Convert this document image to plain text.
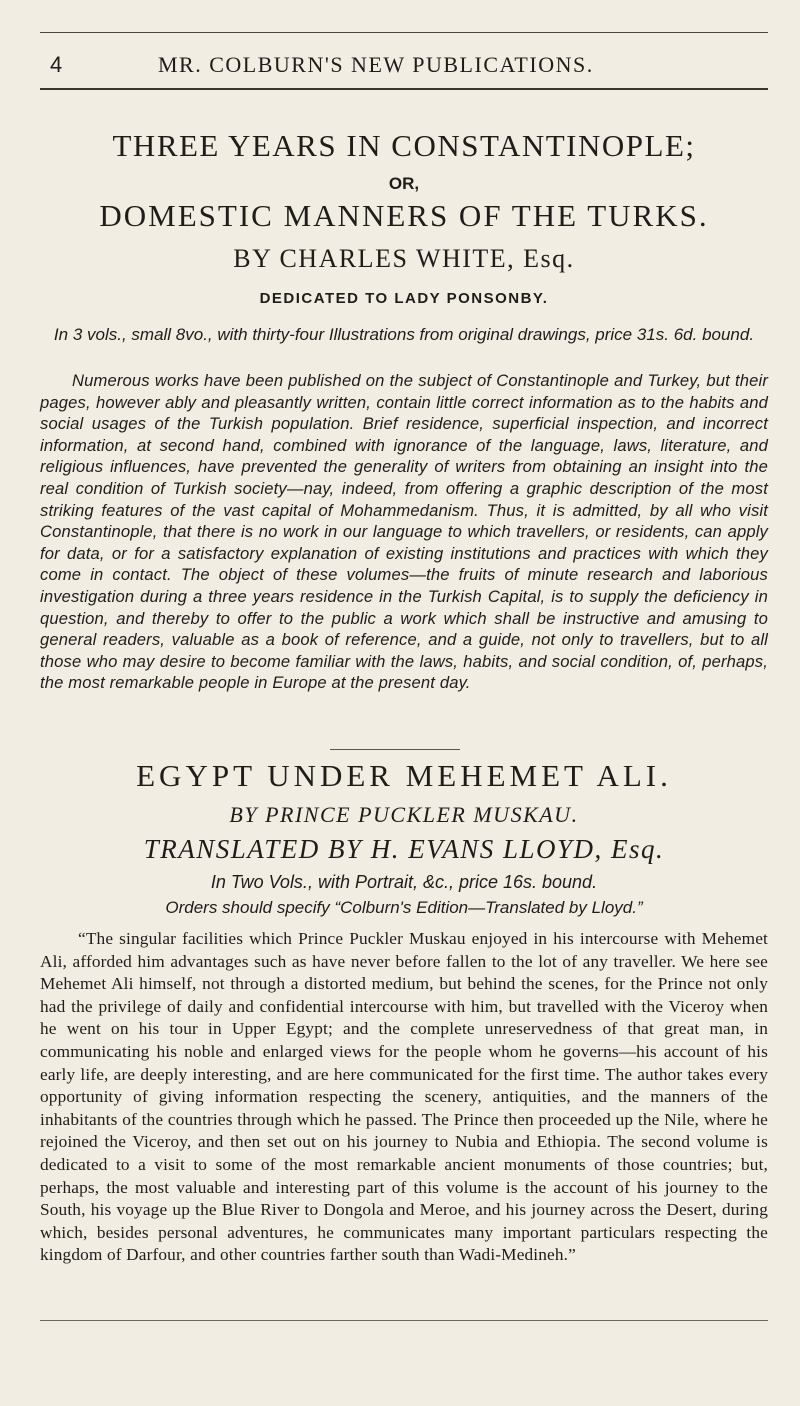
4	MR. COLBURN'S NEW PUBLICATIONS.
THREE YEARS IN CONSTANTINOPLE;
OR,
DOMESTIC MANNERS OF THE TURKS.
BY CHARLES WHITE, Esq.
DEDICATED TO LADY PONSONBY.
In 3 vols., small 8vo., with thirty-four Illustrations from original drawings, price 31s. 6d. bound.
Numerous works have been published on the subject of Constantinople and Turkey, but their pages, however ably and pleasantly written, contain little correct information as to the habits and social usages of the Turkish population. Brief residence, superficial inspection, and incorrect information, at second hand, combined with ignorance of the language, laws, literature, and religious influences, have prevented the generality of writers from obtaining an insight into the real condition of Turkish society—nay, indeed, from offering a graphic description of the most striking features of the vast capital of Mohammedanism. Thus, it is admitted, by all who visit Constantinople, that there is no work in our language to which travellers, or residents, can apply for data, or for a satisfactory explanation of existing institutions and practices with which they come in contact. The object of these volumes—the fruits of minute research and laborious investigation during a three years residence in the Turkish Capital, is to supply the deficiency in question, and thereby to offer to the public a work which shall be instructive and amusing to general readers, valuable as a book of reference, and a guide, not only to travellers, but to all those who may desire to become familiar with the laws, habits, and social condition, of, perhaps, the most remarkable people in Europe at the present day.
EGYPT UNDER MEHEMET ALI.
BY PRINCE PUCKLER MUSKAU.
TRANSLATED BY H. EVANS LLOYD, Esq.
In Two Vols., with Portrait, &c., price 16s. bound.
Orders should specify “Colburn's Edition—Translated by Lloyd.”
“The singular facilities which Prince Puckler Muskau enjoyed in his intercourse with Mehemet Ali, afforded him advantages such as have never before fallen to the lot of any traveller. We here see Mehemet Ali himself, not through a distorted medium, but behind the scenes, for the Prince not only had the privilege of daily and confidential intercourse with him, but travelled with the Viceroy when he went on his tour in Upper Egypt; and the complete unreservedness of that great man, in communicating his noble and enlarged views for the people whom he governs—his account of his early life, are deeply interesting, and are here communicated for the first time. The author takes every opportunity of giving information respecting the scenery, antiquities, and the manners of the inhabitants of the countries through which he passed. The Prince then proceeded up the Nile, where he rejoined the Viceroy, and then set out on his journey to Nubia and Ethiopia. The second volume is dedicated to a visit to some of the most remarkable ancient monuments of those countries; but, perhaps, the most valuable and interesting part of this volume is the account of his journey to the South, his voyage up the Blue River to Dongola and Meroe, and his journey across the Desert, during which, besides personal adventures, he communicates many important particulars respecting the kingdom of Darfour, and other countries farther south than Wadi-Medineh.”
